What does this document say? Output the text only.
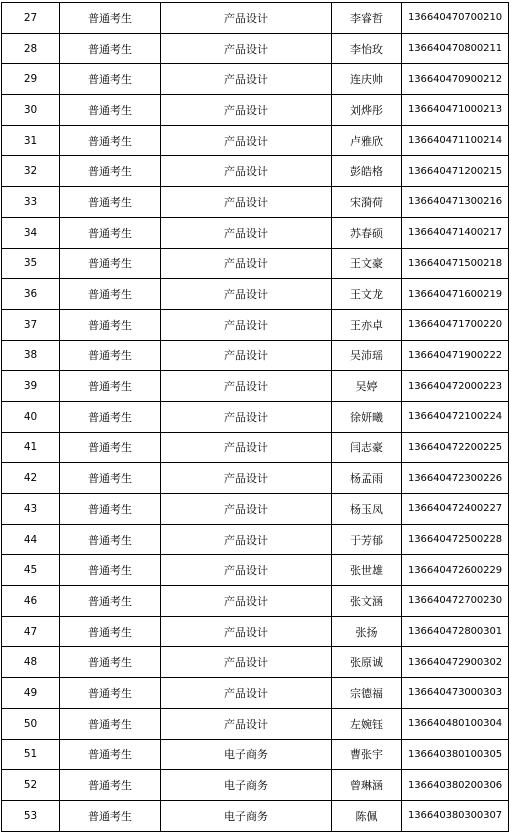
27	普通考生	产品设计	李睿哲	136640470700210
28	普通考生	产品设计	李怡玫	136640470800211
29	普通考生	产品设计	连庆帅	136640470900212
30	普通考生	产品设计	刘烨彤	136640471000213
31	普通考生	产品设计	卢雅欣	136640471100214
32	普通考生	产品设计	彭皓格	136640471200215
33	普通考生	产品设计	宋漪荷	136640471300216
34	普通考生	产品设计	苏春硕	136640471400217
35	普通考生	产品设计	王文豪	136640471500218
36	普通考生	产品设计	王文龙	136640471600219
37	普通考生	产品设计	王亦卓	136640471700220
38	普通考生	产品设计	吴沛瑶	136640471900222
39	普通考生	产品设计	吴婷	136640472000223
40	普通考生	产品设计	徐妍曦	136640472100224
41	普通考生	产品设计	闫志豪	136640472200225
42	普通考生	产品设计	杨孟雨	136640472300226
43	普通考生	产品设计	杨玉凤	136640472400227
44	普通考生	产品设计	于芳郁	136640472500228
45	普通考生	产品设计	张世雄	136640472600229
46	普通考生	产品设计	张文涵	136640472700230
47	普通考生	产品设计	张扬	136640472800301
48	普通考生	产品设计	张原诚	136640472900302
49	普通考生	产品设计	宗德福	136640473000303
50	普通考生	产品设计	左婉钰	136640480100304
51	普通考生	电子商务	曹张宇	136640380100305
52	普通考生	电子商务	曾琳涵	136640380200306
53	普通考生	电子商务	陈佩	136640380300307
